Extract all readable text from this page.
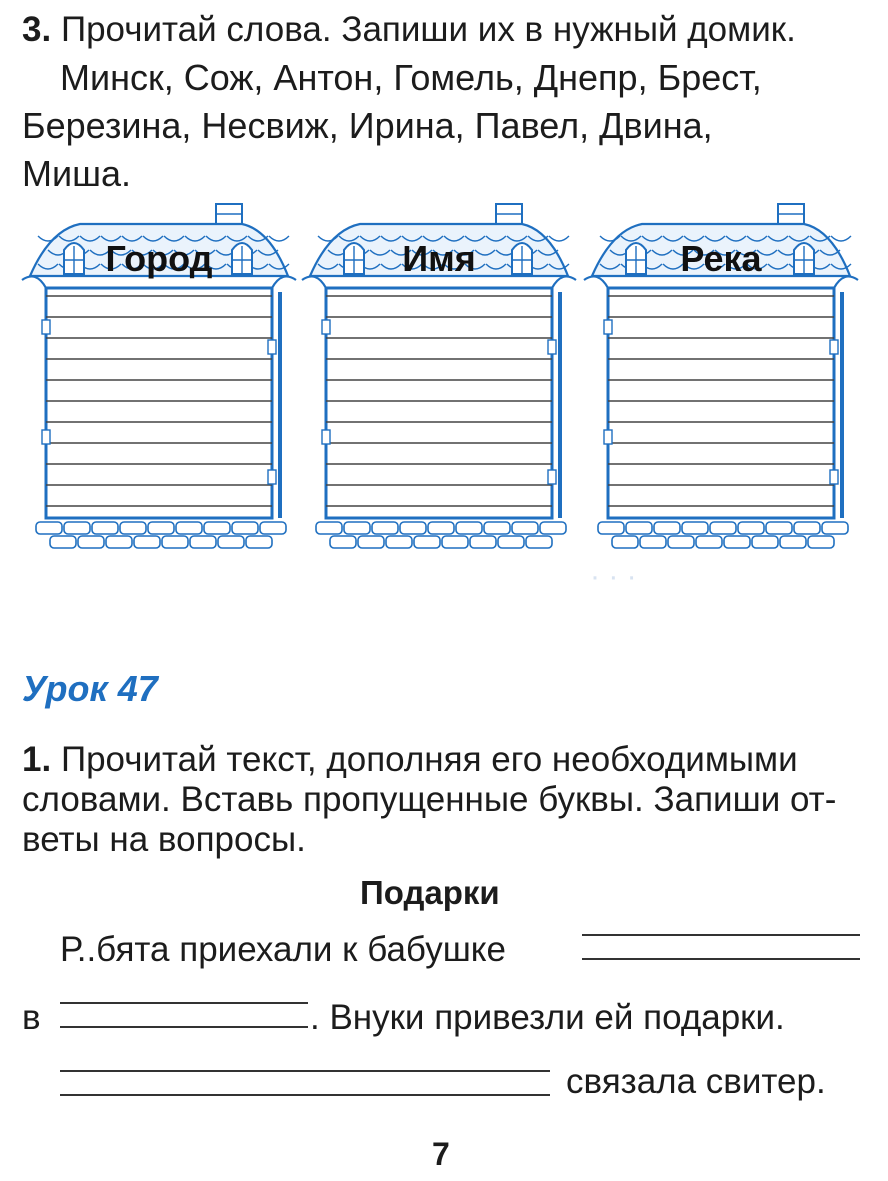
· · ·
3. Прочитай слова. Запиши их в нужный домик.
Минск, Сож, Антон, Гомель, Днепр, Брест,
Березина, Несвиж, Ирина, Павел, Двина,
Миша.
Город	Имя	Река
Урок 47
1. Прочитай текст, дополняя его необходимыми
словами. Вставь пропущенные буквы. Запиши от-
веты на вопросы.
Подарки
Р..бята приехали к бабушке
в	. Внуки привезли ей подарки.
связала свитер.
7
